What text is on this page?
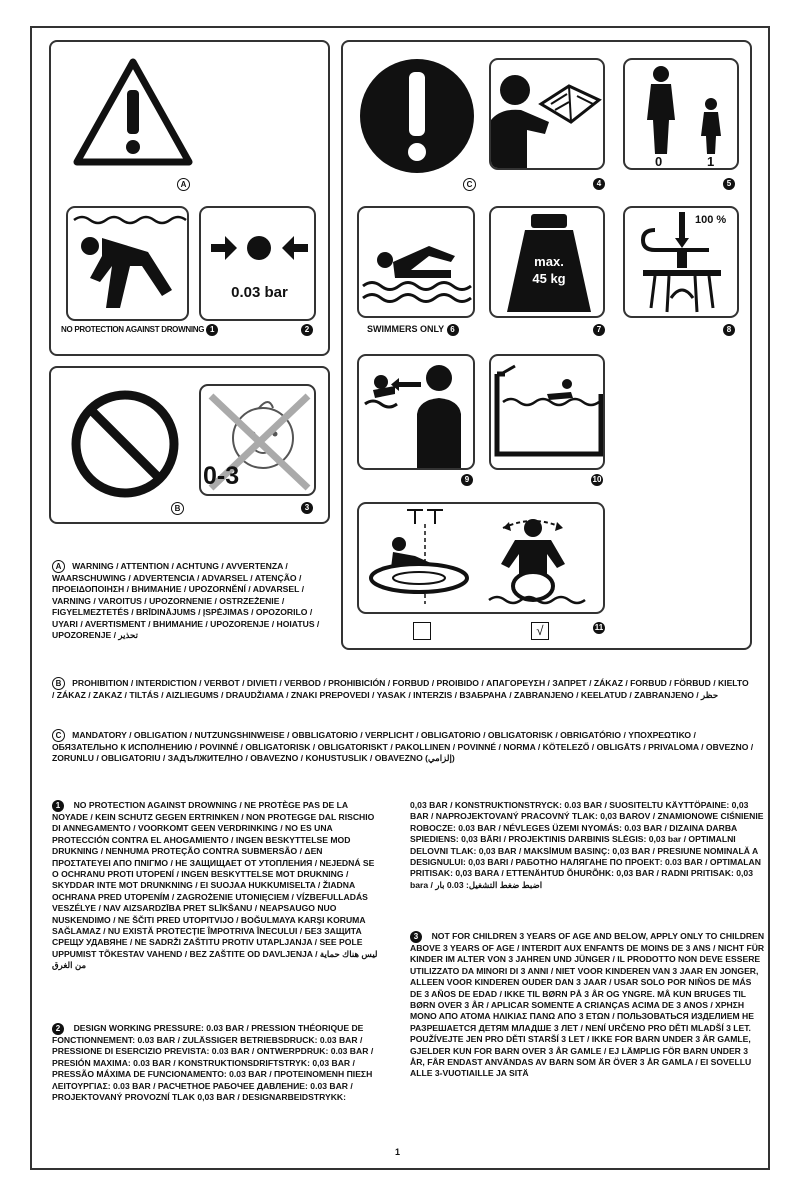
A
NO PROTECTION AGAINST DROWNING 1
0.03 bar
2
B
0-3
3
C	4
0	1
5
SWIMMERS ONLY 6
max.
45 kg
7
100 %
8
9	10
√	11
A WARNING / ATTENTION / ACHTUNG / AVVERTENZA / WAARSCHUWING / ADVERTENCIA / ADVARSEL / ATENÇÃO / ΠΡΟΕΙΔΟΠΟΙΗΣΗ / ВНИМАНИЕ / UPOZORNĚNÍ / ADVARSEL / VARNING / VAROITUS / UPOZORNENIE / OSTRZEŻENIE / FIGYELMEZTETÉS / BRĪDINĀJUMS / ĮSPĖJIMAS / OPOZORILO / UYARI / AVERTISMENT / ВНИМАНИЕ / UPOZORENJE / HOIATUS / UPOZORENJE / تحذير
B PROHIBITION / INTERDICTION / VERBOT / DIVIETI / VERBOD / PROHIBICIÓN / FORBUD / PROIBIDO / ΑΠΑΓΟΡΕΥΣΗ / ЗАПРЕТ / ZÁKAZ / FORBUD / FÖRBUD / KIELTO / ZÁKAZ / ZAKAZ / TILTÁS / AIZLIEGUMS / DRAUDŽIAMA / ZNAKI PREPOVEDI / YASAK / INTERZIS / ВЗАБРАНА / ZABRANJENO / KEELATUD / ZABRANJENO / حظر
C MANDATORY / OBLIGATION / NUTZUNGSHINWEISE / OBBLIGATORIO / VERPLICHT / OBLIGATORIO / OBLIGATORISK / OBRIGATÓRIO / ΥΠΟΧΡΕΩΤΙΚΟ / ОБЯЗАТЕЛЬНО К ИСПОЛНЕНИЮ / POVINNÉ / OBLIGATORISK / OBLIGATORISKT / PAKOLLINEN / POVINNÉ / NORMA / KÖTELEZŐ / OBLIGĀTS / PRIVALOMA / OBVEZNO / ZORUNLU / OBLIGATORIU / ЗАДЪЛЖИТЕЛНО / OBAVEZNO / KOHUSTUSLIK / OBAVEZNO (إلزامي)
1 NO PROTECTION AGAINST DROWNING / NE PROTÈGE PAS DE LA NOYADE / KEIN SCHUTZ GEGEN ERTRINKEN / NON PROTEGGE DAL RISCHIO DI ANNEGAMENTO / VOORKOMT GEEN VERDRINKING / NO ES UNA PROTECCIÓN CONTRA EL AHOGAMIENTO / INGEN BESKYTTELSE MOD DRUKNING / NENHUMA PROTEÇÃO CONTRA SUBMERSÃO / ΔΕΝ ΠΡΟΣΤΑΤΕΥΕΙ ΑΠΟ ΠΝΙΓΜΟ / НЕ ЗАЩИЩАЕТ ОТ УТОПЛЕНИЯ / NEJEDNÁ SE O OCHRANU PROTI UTOPENÍ / INGEN BESKYTTELSE MOT DRUKNING / SKYDDAR INTE MOT DRUNKNING / EI SUOJAA HUKKUMISELTA / ŽIADNA OCHRANA PRED UTOPENÍM / ZAGROŻENIE UTONIĘCIEM / VÍZBEFULLADÁS VESZÉLYE / NAV AIZSARDZĪBA PRET SLĪKŠANU / NEAPSAUGO NUO NUSKENDIMO / NE ŠČITI PRED UTOPITVIJO / BOĞULMAYA KARŞI KORUMA SAĞLAMAZ / NU EXISTĂ PROTECȚIE ÎMPOTRIVA ÎNECULUI / БЕЗ ЗАЩИТА СРЕЩУ УДАВЯНЕ / NE SADRŽI ZAŠTITU PROTIV UTAPLJANJA / SEE POLE UPPUMIST TÕKESTAV VAHEND / BEZ ZAŠTITE OD DAVLJENJA / ليس هناك حماية من الغرق
2 DESIGN WORKING PRESSURE: 0.03 BAR / PRESSION THÉORIQUE DE FONCTIONNEMENT: 0.03 BAR / ZULÄSSIGER BETRIEBSDRUCK: 0.03 BAR / PRESSIONE DI ESERCIZIO PREVISTA: 0.03 BAR / ONTWERPDRUK: 0.03 BAR / PRESIÓN MAXIMA: 0.03 BAR / KONSTRUKTIONSDRIFTSTRYK: 0,03 BAR / PRESSÃO MÁXIMA DE FUNCIONAMENTO: 0.03 BAR / ΠΡΟΤΕΙΝΟΜΕΝΗ ΠΙΕΣΗ ΛΕΙΤΟΥΡΓΙΑΣ: 0.03 BAR / РАСЧЕТНОЕ РАБОЧЕЕ ДАВЛЕНИЕ: 0.03 BAR / PROJEKTOVANÝ PROVOZNÍ TLAK 0,03 BAR / DESIGNARBEIDSTRYKK:
0,03 BAR / KONSTRUKTIONSTRYCK: 0.03 BAR / SUOSITELTU KÄYTTÖPAINE: 0,03 BAR / NAPROJEKTOVANÝ PRACOVNÝ TLAK: 0,03 BAROV / ZNAMIONOWE CIŚNIENIE ROBOCZE: 0.03 BAR / NÉVLEGES ÜZEMI NYOMÁS: 0.03 BAR / DIZAINA DARBA SPIEDIENS: 0,03 BĀRI / PROJEKTINIS DARBINIS SLĖGIS: 0,03 bar / OPTIMALNI DELOVNI TLAK: 0,03 BAR / MAKSİMUM BASINÇ: 0,03 BAR / PRESIUNE NOMINALĂ A DESIGNULUI: 0,03 BARI / РАБОТНО НАЛЯГАНЕ ПО ПРОЕКТ: 0.03 BAR / OPTIMALAN PRITISAK: 0,03 BARA / ETTENÄHTUD ÕHURÕHK: 0,03 BAR / RADNI PRITISAK: 0,03 bara / اضبط ضغط التشغيل: 0.03 بار
3 NOT FOR CHILDREN 3 YEARS OF AGE AND BELOW, APPLY ONLY TO CHILDREN ABOVE 3 YEARS OF AGE / INTERDIT AUX ENFANTS DE MOINS DE 3 ANS / NICHT FÜR KINDER IM ALTER VON 3 JAHREN UND JÜNGER / IL PRODOTTO NON DEVE ESSERE UTILIZZATO DA MINORI DI 3 ANNI / NIET VOOR KINDEREN VAN 3 JAAR EN JONGER, ALLEEN VOOR KINDEREN OUDER DAN 3 JAAR / USAR SOLO POR NIÑOS DE MÁS DE 3 AÑOS DE EDAD / IKKE TIL BØRN PÅ 3 ÅR OG YNGRE. MÅ KUN BRUGES TIL BØRN OVER 3 ÅR / APLICAR SOMENTE A CRIANÇAS ACIMA DE 3 ANOS / ΧΡΗΣΗ ΜΟΝΟ ΑΠΟ ΑΤΟΜΑ ΗΛΙΚΙΑΣ ΠΑΝΩ ΑΠΟ 3 ΕΤΩΝ / ПОЛЬЗОВАТЬСЯ ИЗДЕЛИЕМ НЕ РАЗРЕШАЕТСЯ ДЕТЯМ МЛАДШЕ 3 ЛЕТ / NENÍ URČENO PRO DĚTI MLADŠÍ 3 LET. POUŽÍVEJTE JEN PRO DĚTI STARŠÍ 3 LET / IKKE FOR BARN UNDER 3 ÅR GAMLE, GJELDER KUN FOR BARN OVER 3 ÅR GAMLE / EJ LÄMPLIG FÖR BARN UNDER 3 ÅR, FÅR ENDAST ANVÄNDAS AV BARN SOM ÄR ÖVER 3 ÅR GAMLA / EI SOVELLU ALLE 3-VUOTIAILLE JA SITÄ
1
